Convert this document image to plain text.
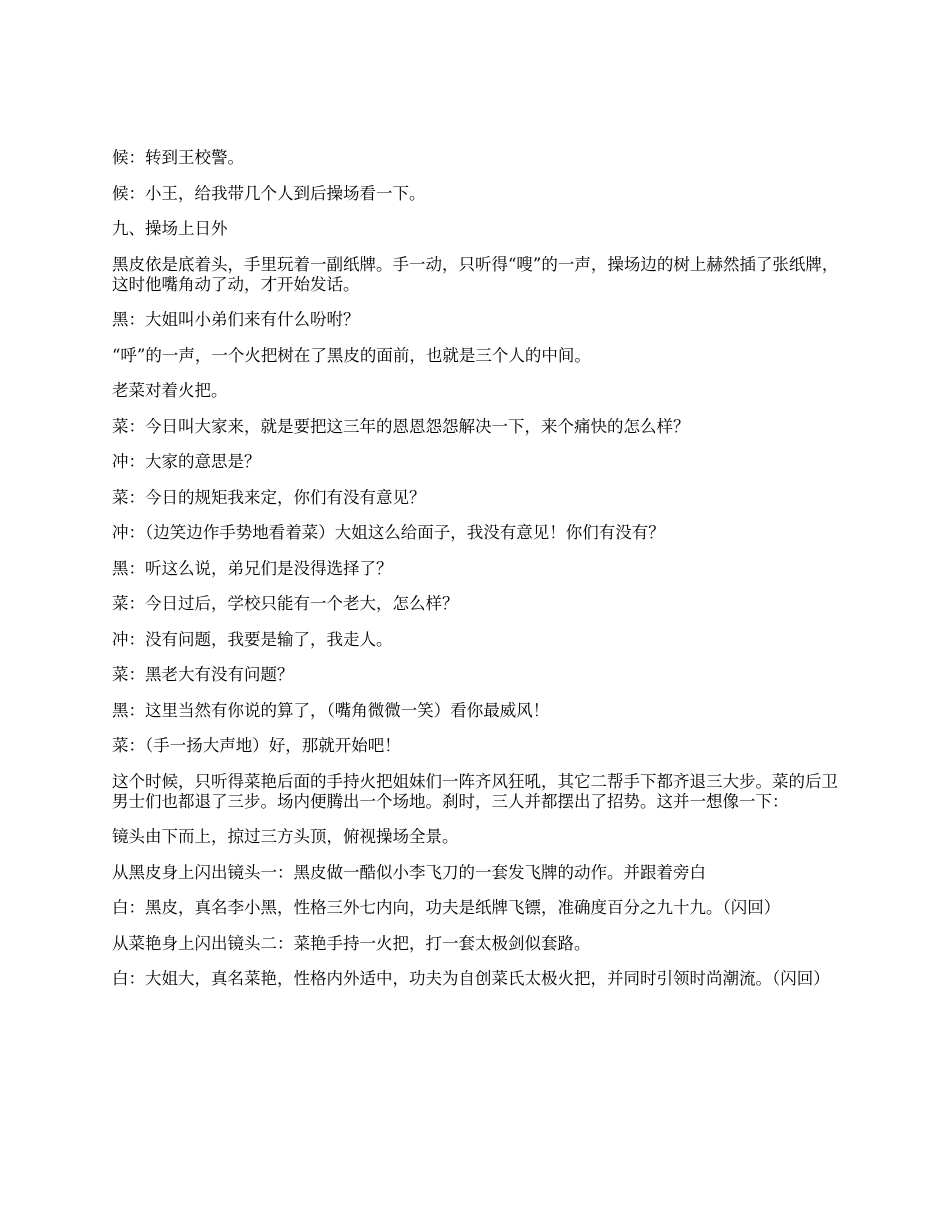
候：转到王校警。

候：小王，给我带几个人到后操场看一下。

九、操场上日外

黑皮依是底着头，手里玩着一副纸牌。手一动，只听得“嗖”的一声，操场边的树上赫然插了张纸牌，这时他嘴角动了动，才开始发话。

黑：大姐叫小弟们来有什么吩咐？

“呼”的一声，一个火把树在了黑皮的面前，也就是三个人的中间。

老菜对着火把。

菜：今日叫大家来，就是要把这三年的恩恩怨怨解决一下，来个痛快的怎么样？

冲：大家的意思是？

菜：今日的规矩我来定，你们有没有意见？

冲：（边笑边作手势地看着菜）大姐这么给面子，我没有意见！你们有没有？

黑：听这么说，弟兄们是没得选择了？

菜：今日过后，学校只能有一个老大，怎么样？

冲：没有问题，我要是输了，我走人。

菜：黑老大有没有问题？

黑：这里当然有你说的算了，（嘴角微微一笑）看你最威风！

菜：（手一扬大声地）好，那就开始吧！

这个时候，只听得菜艳后面的手持火把姐妹们一阵齐风狂吼，其它二帮手下都齐退三大步。菜的后卫男士们也都退了三步。场内便腾出一个场地。刹时，三人并都摆出了招势。这并一想像一下：

镜头由下而上，掠过三方头顶，俯视操场全景。

从黑皮身上闪出镜头一：黑皮做一酷似小李飞刀的一套发飞牌的动作。并跟着旁白

白：黑皮，真名李小黑，性格三外七内向，功夫是纸牌飞镖，准确度百分之九十九。（闪回）

从菜艳身上闪出镜头二：菜艳手持一火把，打一套太极剑似套路。

白：大姐大，真名菜艳，性格内外适中，功夫为自创菜氏太极火把，并同时引领时尚潮流。（闪回）
